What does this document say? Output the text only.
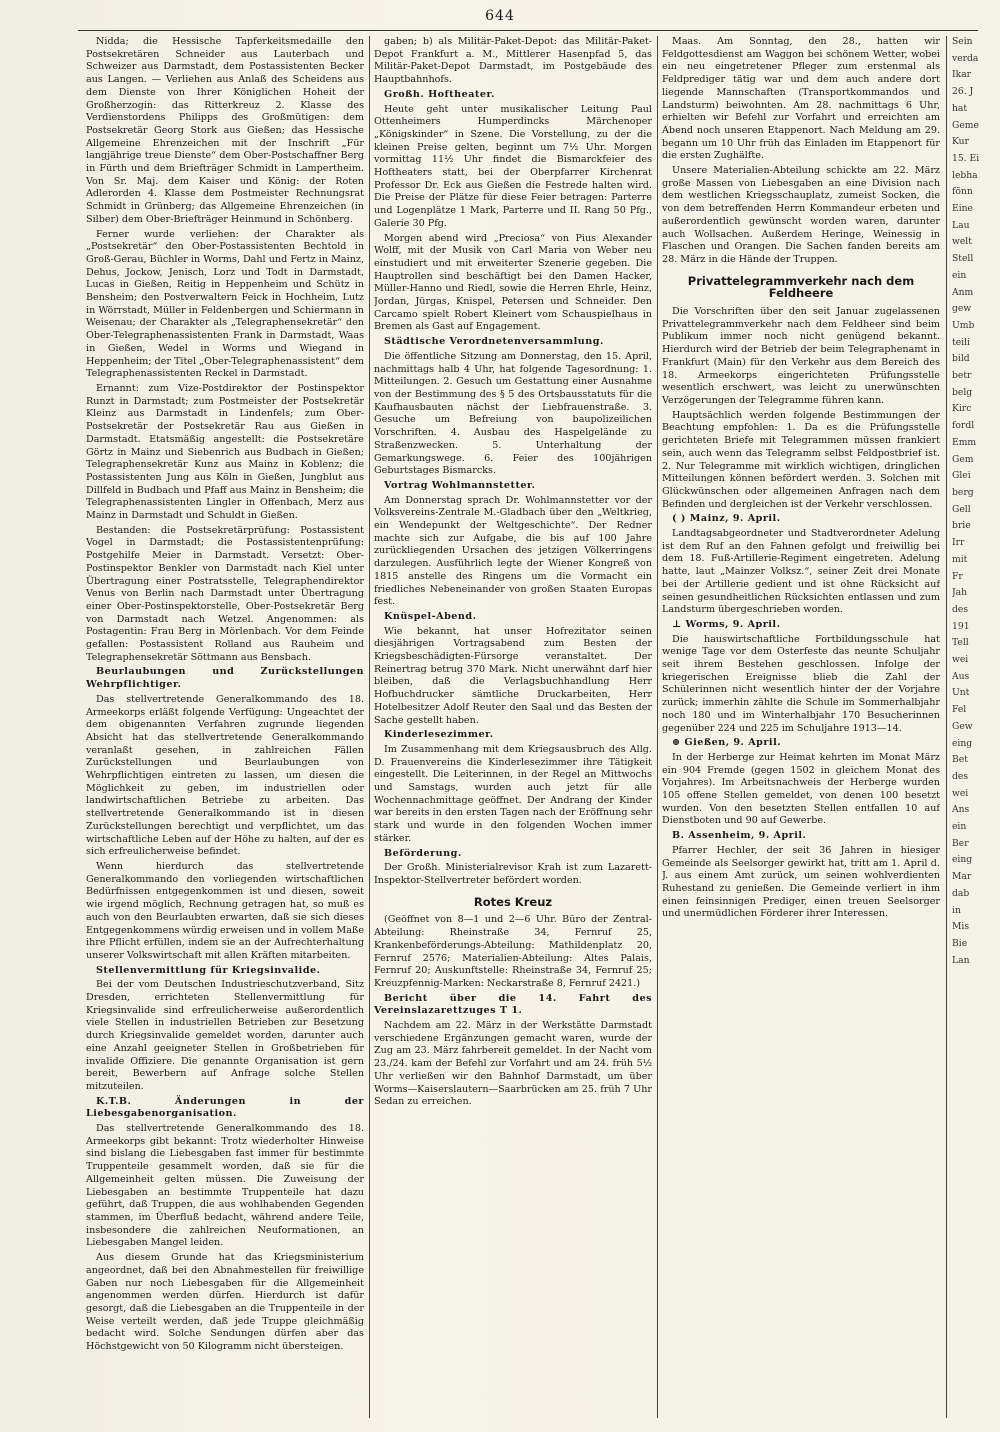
644

Nidda; die Hessische Tapferkeitsmedaille den Postsekretären Schneider aus Lauterbach und Schweizer aus Darmstadt, dem Postassistenten Becker aus Langen. — Verliehen aus Anlaß des Scheidens aus dem Dienste von Ihrer Königlichen Hoheit der Großherzogin: das Ritterkreuz 2. Klasse des Verdienstordens Philipps des Großmütigen: dem Postsekretär Georg Stork aus Gießen; das Hessische Allgemeine Ehrenzeichen mit der Inschrift „Für langjährige treue Dienste“ dem Ober-Postschaffner Berg in Fürth und dem Briefträger Schmidt in Lampertheim. Von Sr. Maj. dem Kaiser und König: der Roten Adlerorden 4. Klasse dem Postmeister Rechnungsrat Schmidt in Grünberg; das Allgemeine Ehrenzeichen (in Silber) dem Ober-Briefträger Heinmund in Schönberg.

Ferner wurde verliehen: der Charakter als „Postsekretär“ den Ober-Postassistenten Bechtold in Groß-Gerau, Büchler in Worms, Dahl und Fertz in Mainz, Dehus, Jockow, Jenisch, Lorz und Todt in Darmstadt, Lucas in Gießen, Reitig in Heppenheim und Schütz in Bensheim; den Postverwaltern Feick in Hochheim, Lutz in Wörrstadt, Müller in Feldenbergen und Schiermann in Weisenau; der Charakter als „Telegraphensekretär“ den Ober-Telegraphenassistenten Frank in Darmstadt, Waas in Gießen, Wedel in Worms und Wiegand in Heppenheim; der Titel „Ober-Telegraphenassistent“ dem Telegraphenassistenten Reckel in Darmstadt.

Ernannt: zum Vize-Postdirektor der Postinspektor Runzt in Darmstadt; zum Postmeister der Postsekretär Kleinz aus Darmstadt in Lindenfels; zum Ober-Postsekretär der Postsekretär Rau aus Gießen in Darmstadt. Etatsmäßig angestellt: die Postsekretäre Görtz in Mainz und Siebenrich aus Budbach in Gießen; Telegraphensekretär Kunz aus Mainz in Koblenz; die Postassistenten Jung aus Köln in Gießen, Jungblut aus Dillfeld in Budbach und Pfaff aus Mainz in Bensheim; die Telegraphenassistenten Lingler in Offenbach, Merz aus Mainz in Darmstadt und Schuldt in Gießen.

Bestanden: die Postsekretärprüfung: Postassistent Vogel in Darmstadt; die Postassistentenprüfung: Postgehilfe Meier in Darmstadt. Versetzt: Ober-Postinspektor Benkler von Darmstadt nach Kiel unter Übertragung einer Postratsstelle, Telegraphendirektor Venus von Berlin nach Darmstadt unter Übertragung einer Ober-Postinspektorstelle, Ober-Postsekretär Berg von Darmstadt nach Wetzel. Angenommen: als Postagentin: Frau Berg in Mörlenbach. Vor dem Feinde gefallen: Postassistent Rolland aus Rauheim und Telegraphensekretär Söttmann aus Bensbach.

Beurlaubungen und Zurückstellungen Wehrpflichtiger.

Das stellvertretende Generalkommando des 18. Armeekorps erläßt folgende Verfügung: Ungeachtet der dem obigenannten Verfahren zugrunde liegenden Absicht hat das stellvertretende Generalkommando veranlaßt gesehen, in zahlreichen Fällen Zurückstellungen und Beurlaubungen von Wehrpflichtigen eintreten zu lassen, um diesen die Möglichkeit zu geben, im industriellen oder landwirtschaftlichen Betriebe zu arbeiten. Das stellvertretende Generalkommando ist in diesen Zurückstellungen berechtigt und verpflichtet, um das wirtschaftliche Leben auf der Höhe zu halten, auf der es sich erfreulicherweise befindet.

Wenn hierdurch das stellvertretende Generalkommando den vorliegenden wirtschaftlichen Bedürfnissen entgegenkommen ist und diesen, soweit wie irgend möglich, Rechnung getragen hat, so muß es auch von den Beurlaubten erwarten, daß sie sich dieses Entgegenkommens würdig erweisen und in vollem Maße ihre Pflicht erfüllen, indem sie an der Aufrechterhaltung unserer Volkswirtschaft mit allen Kräften mitarbeiten.

Stellenvermittlung für Kriegsinvalide.

Bei der vom Deutschen Industrieschutzverband, Sitz Dresden, errichteten Stellenvermittlung für Kriegsinvalide sind erfreulicherweise außerordentlich viele Stellen in industriellen Betrieben zur Besetzung durch Kriegsinvalide gemeldet worden, darunter auch eine Anzahl geeigneter Stellen in Großbetrieben für invalide Offiziere. Die genannte Organisation ist gern bereit, Bewerbern auf Anfrage solche Stellen mitzuteilen.

K.T.B. Änderungen in der Liebesgabenorganisation.

Das stellvertretende Generalkommando des 18. Armeekorps gibt bekannt: Trotz wiederholter Hinweise sind bislang die Liebesgaben fast immer für bestimmte Truppenteile gesammelt worden, daß sie für die Allgemeinheit gelten müssen. Die Zuweisung der Liebesgaben an bestimmte Truppenteile hat dazu geführt, daß Truppen, die aus wohlhabenden Gegenden stammen, im Überfluß bedacht, während andere Teile, insbesondere die zahlreichen Neuformationen, an Liebesgaben Mangel leiden.

Aus diesem Grunde hat das Kriegsministerium angeordnet, daß bei den Abnahmestellen für freiwillige Gaben nur noch Liebesgaben für die Allgemeinheit angenommen werden dürfen. Hierdurch ist dafür gesorgt, daß die Liebesgaben an die Truppenteile in der Weise verteilt werden, daß jede Truppe gleichmäßig bedacht wird. Solche Sendungen dürfen aber das Höchstgewicht von 50 Kilogramm nicht übersteigen.

gaben; b) als Militär-Paket-Depot: das Militär-Paket-Depot Frankfurt a. M., Mittlerer Hasenpfad 5, das Militär-Paket-Depot Darmstadt, im Postgebäude des Hauptbahnhofs.

Großh. Hoftheater.

Heute geht unter musikalischer Leitung Paul Ottenheimers Humperdincks Märchenoper „Königskinder“ in Szene. Die Vorstellung, zu der die kleinen Preise gelten, beginnt um 7½ Uhr. Morgen vormittag 11½ Uhr findet die Bismarckfeier des Hoftheaters statt, bei der Oberpfarrer Kirchenrat Professor Dr. Eck aus Gießen die Festrede halten wird. Die Preise der Plätze für diese Feier betragen: Parterre und Logenplätze 1 Mark, Parterre und II. Rang 50 Pfg., Galerie 30 Pfg.

Morgen abend wird „Preciosa“ von Pius Alexander Wolff, mit der Musik von Carl Maria von Weber neu einstudiert und mit erweiterter Szenerie gegeben. Die Hauptrollen sind beschäftigt bei den Damen Hacker, Müller-Hanno und Riedl, sowie die Herren Ehrle, Heinz, Jordan, Jürgas, Knispel, Petersen und Schneider. Den Carcamo spielt Robert Kleinert vom Schauspielhaus in Bremen als Gast auf Engagement.

Städtische Verordnetenversammlung.

Die öffentliche Sitzung am Donnerstag, den 15. April, nachmittags halb 4 Uhr, hat folgende Tagesordnung: 1. Mitteilungen. 2. Gesuch um Gestattung einer Ausnahme von der Bestimmung des § 5 des Ortsbausstatuts für die Kaufhausbauten nächst der Liebfrauenstraße. 3. Gesuche um Befreiung von baupolizeilichen Vorschriften. 4. Ausbau des Haspelgelände zu Straßenzwecken. 5. Unterhaltung der Gemarkungswege. 6. Feier des 100jährigen Geburtstages Bismarcks.

Vortrag Wohlmannstetter.

Am Donnerstag sprach Dr. Wohlmannstetter vor der Volksvereins-Zentrale M.-Gladbach über den „Weltkrieg, ein Wendepunkt der Weltgeschichte“. Der Redner machte sich zur Aufgabe, die bis auf 100 Jahre zurückliegenden Ursachen des jetzigen Völkerringens darzulegen. Ausführlich legte der Wiener Kongreß von 1815 anstelle des Ringens um die Vormacht ein friedliches Nebeneinander von großen Staaten Europas fest.

Knüspel-Abend.

Wie bekannt, hat unser Hofrezitator seinen diesjährigen Vortragsabend zum Besten der Kriegsbeschädigten-Fürsorge veranstaltet. Der Reinertrag betrug 370 Mark. Nicht unerwähnt darf hier bleiben, daß die Verlagsbuchhandlung Herr Hofbuchdrucker sämtliche Druckarbeiten, Herr Hotelbesitzer Adolf Reuter den Saal und das Besten der Sache gestellt haben.

Kinderlesezimmer.

Im Zusammenhang mit dem Kriegsausbruch des Allg. D. Frauenvereins die Kinderlesezimmer ihre Tätigkeit eingestellt. Die Leiterinnen, in der Regel an Mittwochs und Samstags, wurden auch jetzt für alle Wochennachmittage geöffnet. Der Andrang der Kinder war bereits in den ersten Tagen nach der Eröffnung sehr stark und wurde in den folgenden Wochen immer stärker.

Beförderung.

Der Großh. Ministerialrevisor Krah ist zum Lazarett-Inspektor-Stellvertreter befördert worden.

Rotes Kreuz

(Geöffnet von 8—1 und 2—6 Uhr. Büro der Zentral-Abteilung: Rheinstraße 34, Fernruf 25, Krankenbeförderungs-Abteilung: Mathildenplatz 20, Fernruf 2576; Materialien-Abteilung: Altes Palais, Fernruf 20; Auskunftstelle: Rheinstraße 34, Fernruf 25; Kreuzpfennig-Marken: Neckarstraße 8, Fernruf 2421.)

Bericht über die 14. Fahrt des Vereinslazarettzuges T 1.

Nachdem am 22. März in der Werkstätte Darmstadt verschiedene Ergänzungen gemacht waren, wurde der Zug am 23. März fahrbereit gemeldet. In der Nacht vom 23./24. kam der Befehl zur Vorfahrt und am 24. früh 5½ Uhr verließen wir den Bahnhof Darmstadt, um über Worms—Kaiserslautern—Saarbrücken am 25. früh 7 Uhr Sedan zu erreichen.

Maas. Am Sonntag, den 28., hatten wir Feldgottesdienst am Waggon bei schönem Wetter, wobei ein neu eingetretener Pfleger zum erstenmal als Feldprediger tätig war und dem auch andere dort liegende Mannschaften (Transportkommandos und Landsturm) beiwohnten. Am 28. nachmittags 6 Uhr, erhielten wir Befehl zur Vorfahrt und erreichten am Abend noch unseren Etappenort. Nach Meldung am 29. begann um 10 Uhr früh das Einladen im Etappenort für die ersten Zughälfte.

Unsere Materialien-Abteilung schickte am 22. März große Massen von Liebesgaben an eine Division nach dem westlichen Kriegsschauplatz, zumeist Socken, die von dem betreffenden Herrn Kommandeur erbeten und außerordentlich gewünscht worden waren, darunter auch Wollsachen. Außerdem Heringe, Weinessig in Flaschen und Orangen. Die Sachen fanden bereits am 28. März in die Hände der Truppen.

Privattelegrammverkehr nach dem Feldheere

Die Vorschriften über den seit Januar zugelassenen Privattelegrammverkehr nach dem Feldheer sind beim Publikum immer noch nicht genügend bekannt. Hierdurch wird der Betrieb der beim Telegraphenamt in Frankfurt (Main) für den Verkehr aus dem Bereich des 18. Armeekorps eingerichteten Prüfungsstelle wesentlich erschwert, was leicht zu unerwünschten Verzögerungen der Telegramme führen kann.

Hauptsächlich werden folgende Bestimmungen der Beachtung empfohlen: 1. Da es die Prüfungsstelle gerichteten Briefe mit Telegrammen müssen frankiert sein, auch wenn das Telegramm selbst Feldpostbrief ist. 2. Nur Telegramme mit wirklich wichtigen, dringlichen Mitteilungen können befördert werden. 3. Solchen mit Glückwünschen oder allgemeinen Anfragen nach dem Befinden und dergleichen ist der Verkehr verschlossen.

( ) Mainz, 9. April.

Landtagsabgeordneter und Stadtverordneter Adelung ist dem Ruf an den Fahnen gefolgt und freiwillig bei dem 18. Fuß-Artillerie-Regiment eingetreten. Adelung hatte, laut „Mainzer Volksz.“, seiner Zeit drei Monate bei der Artillerie gedient und ist ohne Rücksicht auf seinen gesundheitlichen Rücksichten entlassen und zum Landsturm übergeschrieben worden.

⊥ Worms, 9. April.

Die hauswirtschaftliche Fortbildungsschule hat wenige Tage vor dem Osterfeste das neunte Schuljahr seit ihrem Bestehen geschlossen. Infolge der kriegerischen Ereignisse blieb die Zahl der Schülerinnen nicht wesentlich hinter der der Vorjahre zurück; immerhin zählte die Schule im Sommerhalbjahr noch 180 und im Winterhalbjahr 170 Besucherinnen gegenüber 224 und 225 im Schuljahre 1913—14.

⊕ Gießen, 9. April.

In der Herberge zur Heimat kehrten im Monat März ein 904 Fremde (gegen 1502 in gleichem Monat des Vorjahres). Im Arbeitsnachweis der Herberge wurden 105 offene Stellen gemeldet, von denen 100 besetzt wurden. Von den besetzten Stellen entfallen 10 auf Dienstboten und 90 auf Gewerbe.

B. Assenheim, 9. April.

Pfarrer Hechler, der seit 36 Jahren in hiesiger Gemeinde als Seelsorger gewirkt hat, tritt am 1. April d. J. aus einem Amt zurück, um seinen wohlverdienten Ruhestand zu genießen. Die Gemeinde verliert in ihm einen feinsinnigen Prediger, einen treuen Seelsorger und unermüdlichen Förderer ihrer Interessen.

Sein

verda

Ikar

26. J

hat

Geme

Kur

15. Ei

lebha

fönn

Eine

Lau

welt

Stell

ein

Anm

gew

Umb

teili

bild

betr

belg

Kirc

fordl

Emm

Gem

Glei

berg

Gell

brie

Irr

mit

Fr

Jah

des

191

Tell

wei

Aus

Unt

Fel

Gew

eing

Bet

des

wei

Ans

ein

Ber

eing

Mar

dab

in

Mis

Bie

Lan
